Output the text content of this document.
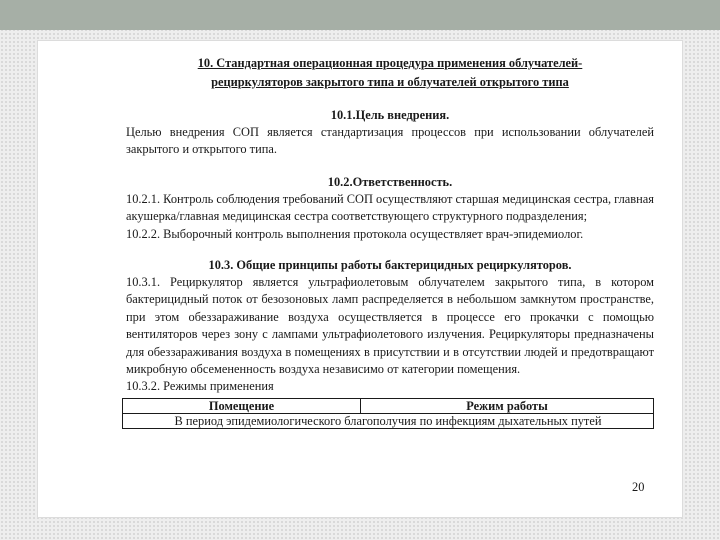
10. Стандартная операционная процедура применения облучателей-
рециркуляторов закрытого типа и облучателей открытого типа

10.1.Цель внедрения.

Целью внедрения СОП является стандартизация процессов при использовании облучателей закрытого и открытого типа.

10.2.Ответственность.

10.2.1. Контроль соблюдения требований СОП осуществляют старшая медицинская сестра, главная акушерка/главная медицинская сестра соответствующего структурного подразделения;

10.2.2. Выборочный контроль выполнения протокола осуществляет врач-эпидемиолог.

10.3. Общие принципы работы бактерицидных рециркуляторов.

10.3.1. Рециркулятор является ультрафиолетовым облучателем закрытого типа, в котором бактерицидный поток от безозоновых ламп распределяется в небольшом замкнутом пространстве, при этом обеззараживание воздуха осуществляется в процессе его прокачки с помощью вентиляторов через зону с лампами ультрафиолетового излучения. Рециркуляторы предназначены для обеззараживания воздуха в помещениях в присутствии и в отсутствии людей и предотвращают микробную обсемененность воздуха независимо от категории помещения.

10.3.2. Режимы применения

Помещение	Режим работы
В период эпидемиологического благополучия по инфекциям дыхательных путей
20
